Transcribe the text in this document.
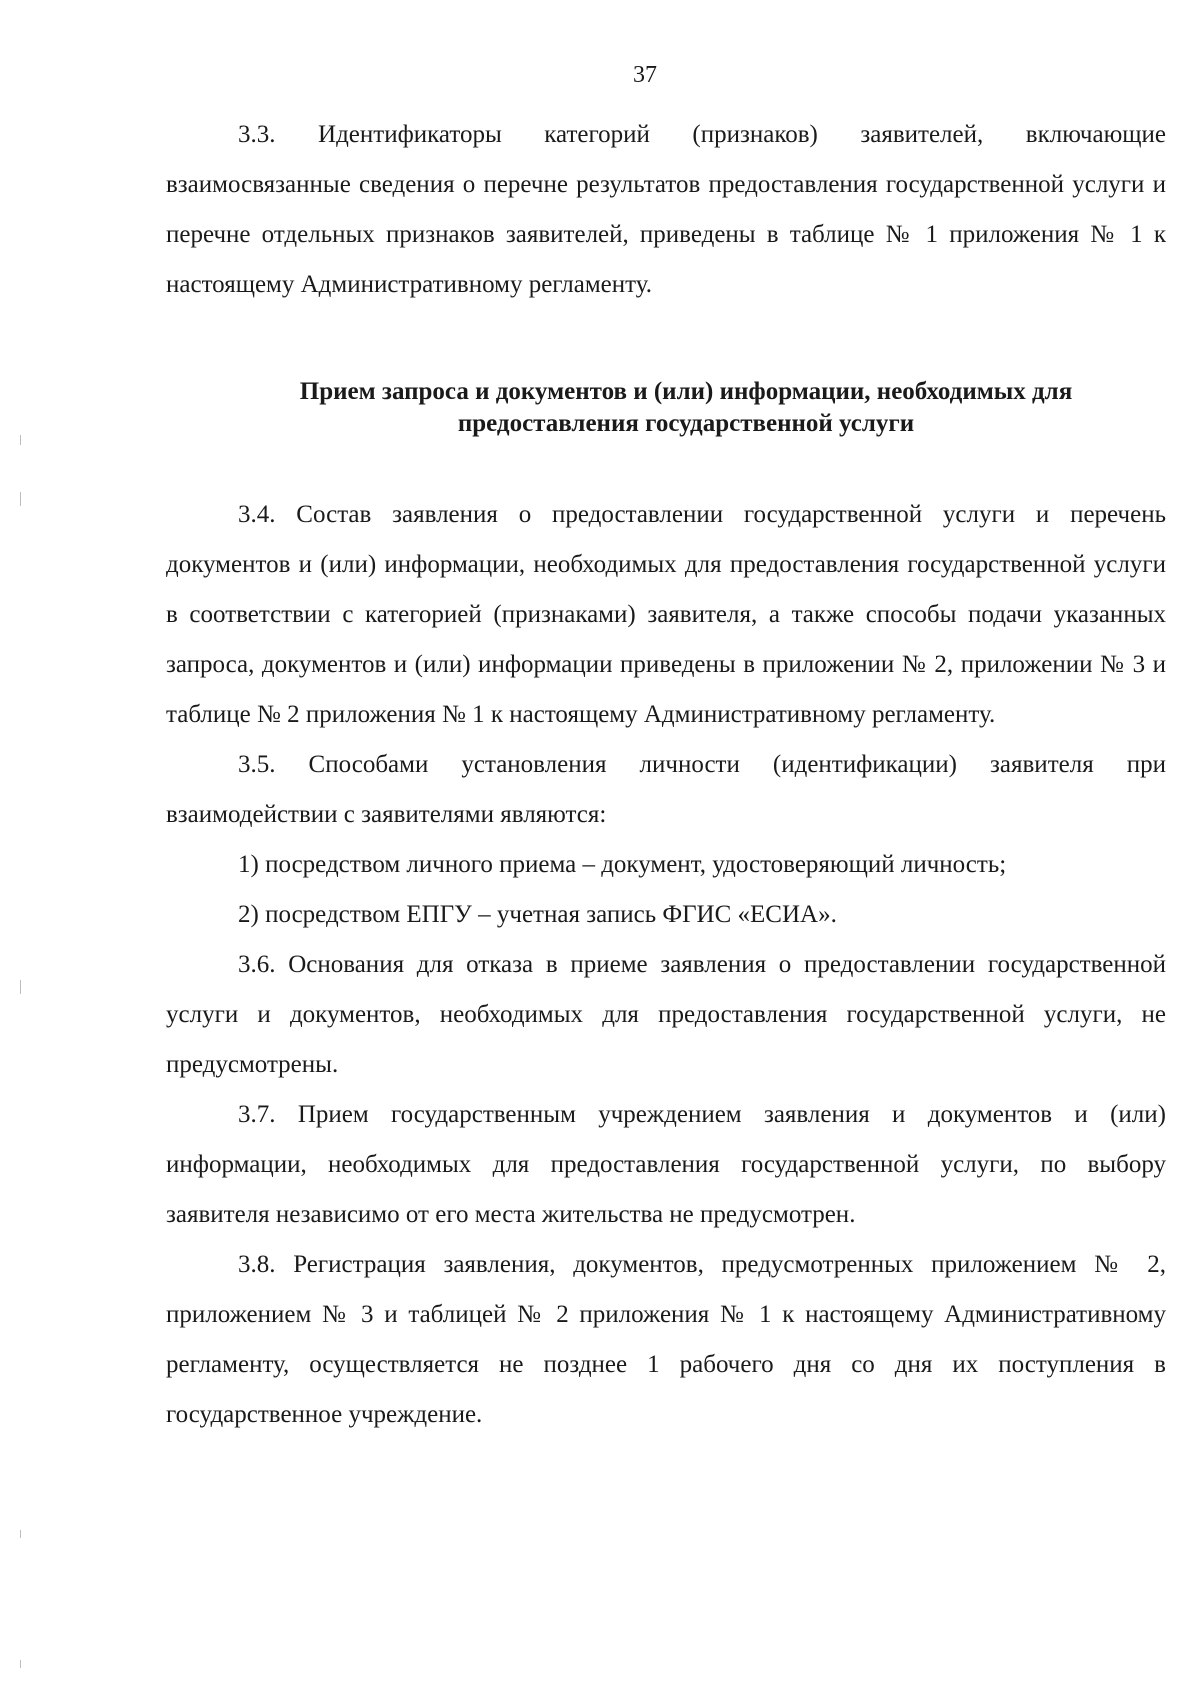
37

3.3. Идентификаторы категорий (признаков) заявителей, включающие взаимосвязанные сведения о перечне результатов предоставления государственной услуги и перечне отдельных признаков заявителей, приведены в таблице № 1 приложения № 1 к настоящему Административному регламенту.

Прием запроса и документов и (или) информации, необходимых для

предоставления государственной услуги

3.4. Состав заявления о предоставлении государственной услуги и перечень документов и (или) информации, необходимых для предоставления государственной услуги в соответствии с категорией (признаками) заявителя, а также способы подачи указанных запроса, документов и (или) информации приведены в приложении № 2, приложении № 3 и таблице № 2 приложения № 1 к настоящему Административному регламенту.

3.5. Способами установления личности (идентификации) заявителя при взаимодействии с заявителями являются:

1) посредством личного приема – документ, удостоверяющий личность;

2) посредством ЕПГУ – учетная запись ФГИС «ЕСИА».

3.6. Основания для отказа в приеме заявления о предоставлении государственной услуги и документов, необходимых для предоставления государственной услуги, не предусмотрены.

3.7. Прием государственным учреждением заявления и документов и (или) информации, необходимых для предоставления государственной услуги, по выбору заявителя независимо от его места жительства не предусмотрен.

3.8. Регистрация заявления, документов, предусмотренных приложением № 2, приложением № 3 и таблицей № 2 приложения № 1 к настоящему Административному регламенту, осуществляется не позднее 1 рабочего дня со дня их поступления в государственное учреждение.
